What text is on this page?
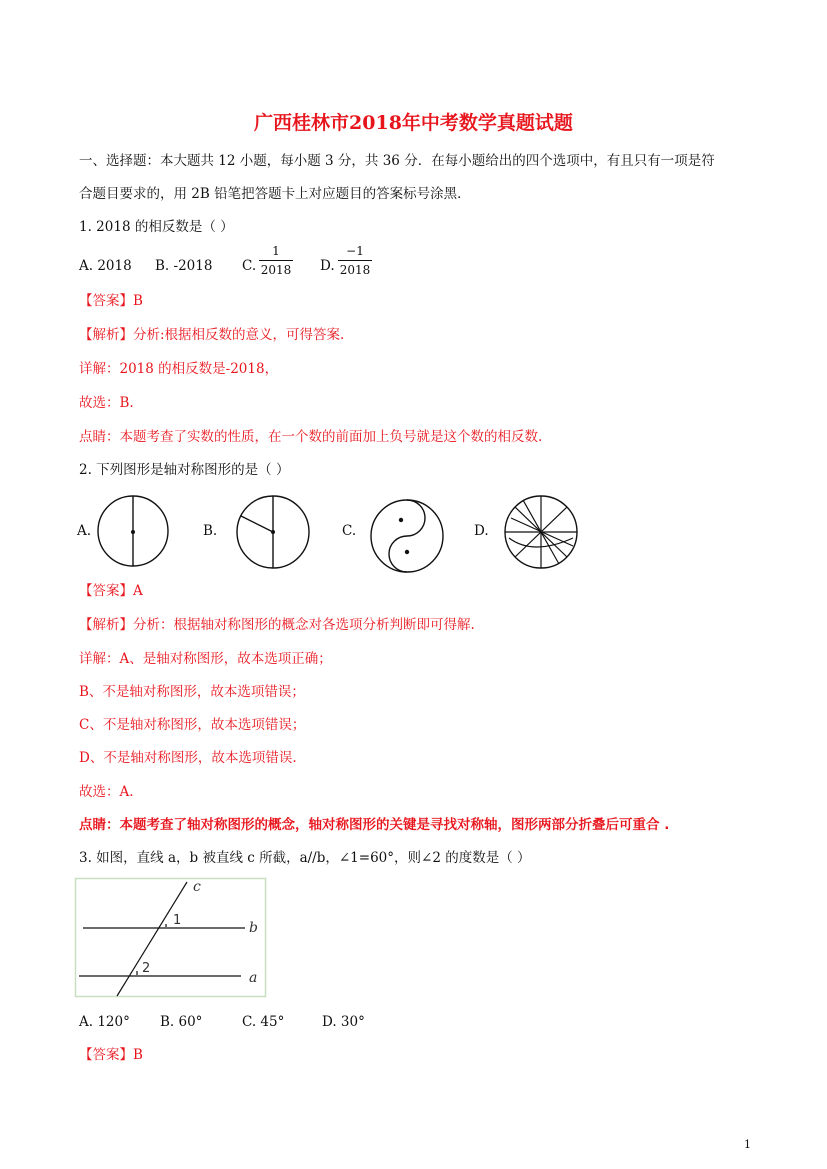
广西桂林市2018年中考数学真题试题
一、选择题：本大题共 12 小题，每小题 3 分，共 36 分．在每小题给出的四个选项中，有且只有一项是符
合题目要求的，用 2B 铅笔把答题卡上对应题目的答案标号涂黑．
1. 2018 的相反数是（ ）
A. 2018 B. -2018 C. $\frac{1}{2018} D$. $\frac{-1}{2018}$
【答案】B
【解析】分析:根据相反数的意义，可得答案.
详解：2018 的相反数是-2018，
故选：B.
点睛：本题考查了实数的性质，在一个数的前面加上负号就是这个数的相反数.
2. 下列图形是轴对称图形的是（ ）
A.	B.	C.	D.
【答案】A
【解析】分析：根据轴对称图形的概念对各选项分析判断即可得解.
详解：A、是轴对称图形，故本选项正确；
B、不是轴对称图形，故本选项错误；
C、不是轴对称图形，故本选项错误；
D、不是轴对称图形，故本选项错误.
故选：A.
点睛：本题考查了轴对称图形的概念，轴对称图形的关键是寻找对称轴，图形两部分折叠后可重合 .
3. 如图，直线 a，b 被直线 c 所截，a//b，∠1=60°，则∠2 的度数是（ ）
c
b
a
1
2
A. 120° B. 60°	C. 45°	D. 30°
【答案】B
1
